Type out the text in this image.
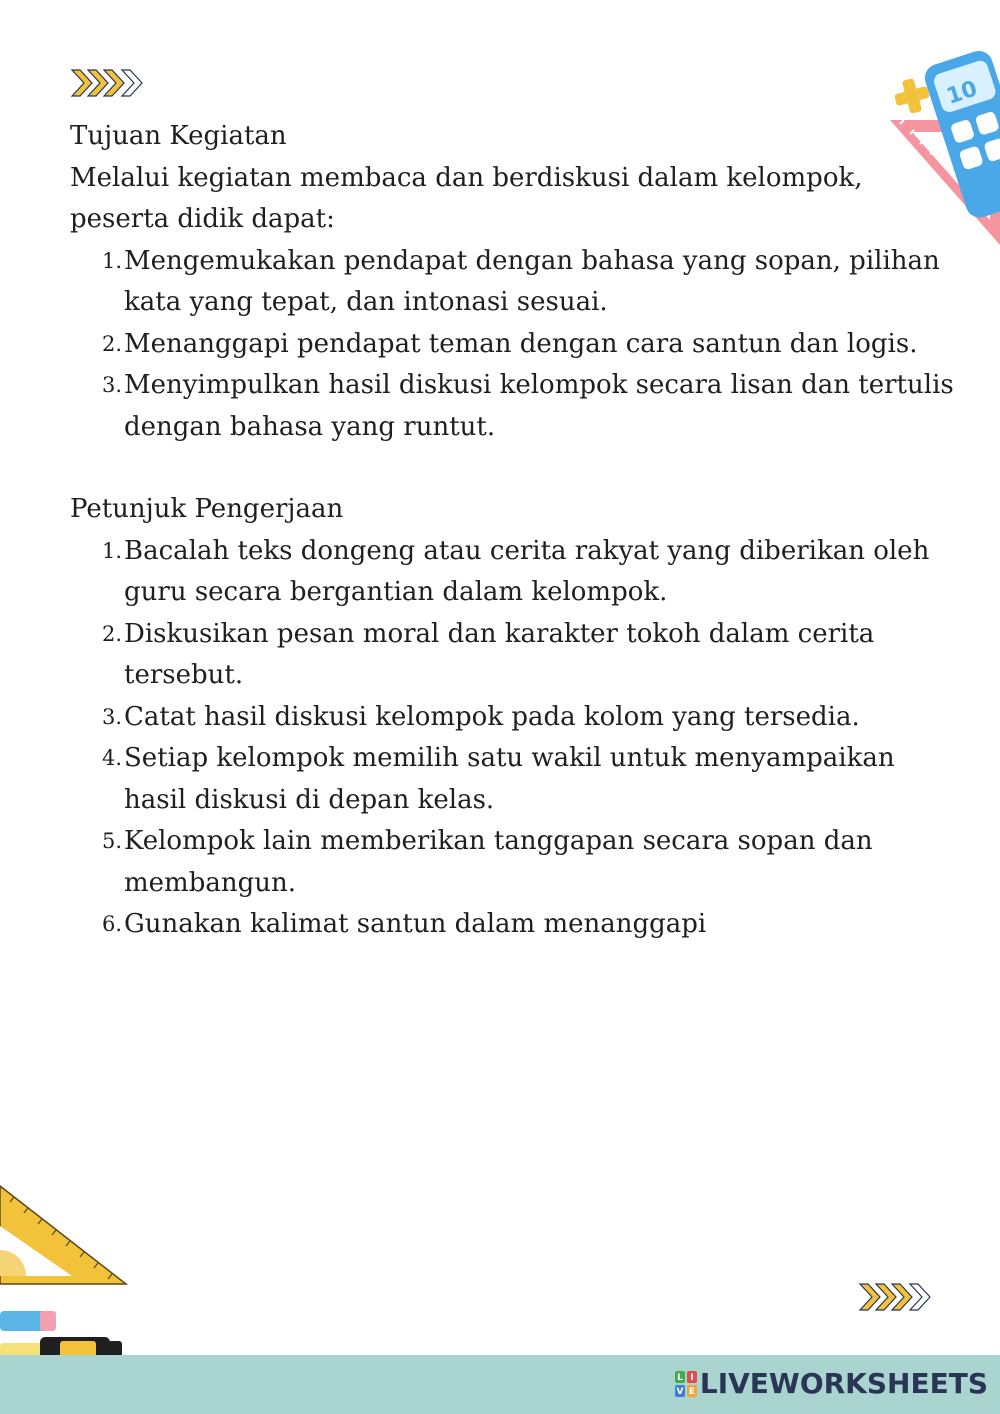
10
Tujuan Kegiatan

Melalui kegiatan membaca dan berdiskusi dalam kelompok,

peserta didik dapat:

1. Mengemukakan pendapat dengan bahasa yang sopan, pilihan kata yang tepat, dan intonasi sesuai.
2. Menanggapi pendapat teman dengan cara santun dan logis.
3. Menyimpulkan hasil diskusi kelompok secara lisan dan tertulis dengan bahasa yang runtut.
Petunjuk Pengerjaan
1. Bacalah teks dongeng atau cerita rakyat yang diberikan oleh guru secara bergantian dalam kelompok.
2. Diskusikan pesan moral dan karakter tokoh dalam cerita tersebut.
3. Catat hasil diskusi kelompok pada kolom yang tersedia.
4. Setiap kelompok memilih satu wakil untuk menyampaikan hasil diskusi di depan kelas.
5. Kelompok lain memberikan tanggapan secara sopan dan membangun.
6. Gunakan kalimat santun dalam menanggapi
L I
V E LIVEWORKSHEETS
